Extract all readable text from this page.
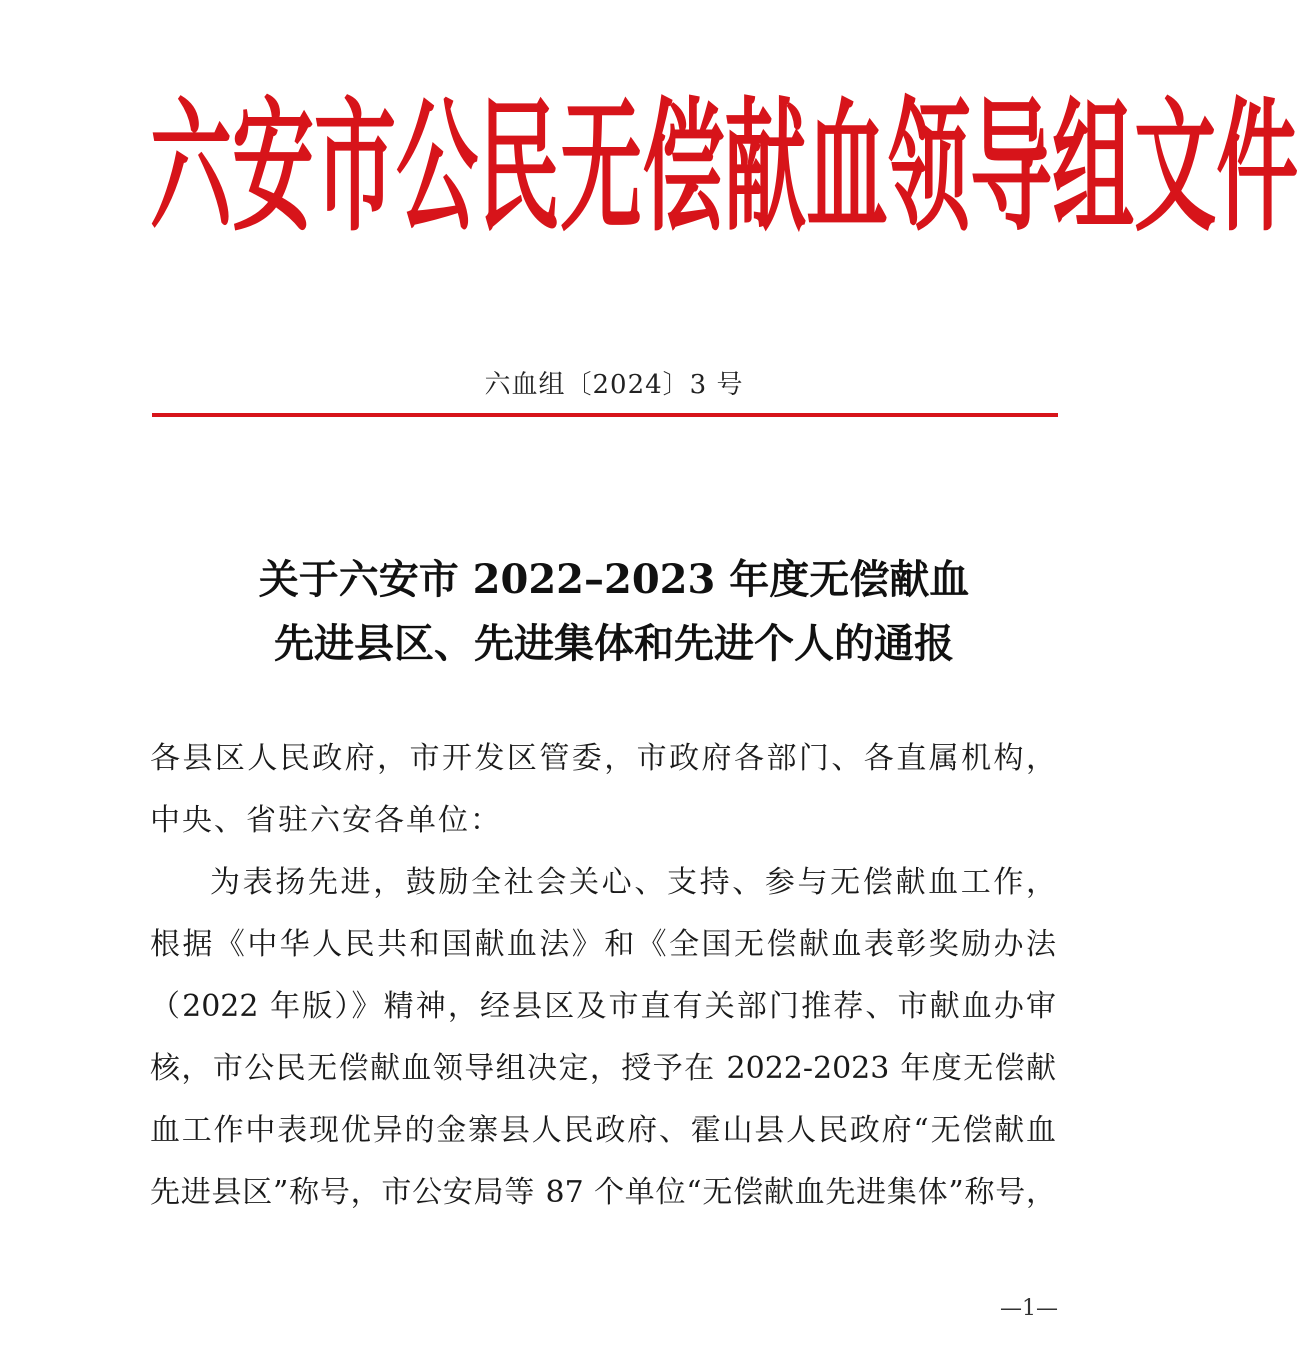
六 安 市 公 民 无 偿 献 血 领 导 组 文 件
六血组〔2024〕3 号
关于六安市 2022–2023 年度无偿献血
先进县区、先进集体和先进个人的通报
各县区人民政府，市开发区管委，市政府各部门、各直属机构，
中央、省驻六安各单位：
为表扬先进，鼓励全社会关心、支持、参与无偿献血工作，
根据《中华人民共和国献血法》和《全国无偿献血表彰奖励办法
（2022 年版）》精神，经县区及市直有关部门推荐、市献血办审
核，市公民无偿献血领导组决定，授予在 2022-2023 年度无偿献
血工作中表现优异的金寨县人民政府、霍山县人民政府“无偿献血
先进县区”称号，市公安局等 87 个单位“无偿献血先进集体”称号，
—1—
